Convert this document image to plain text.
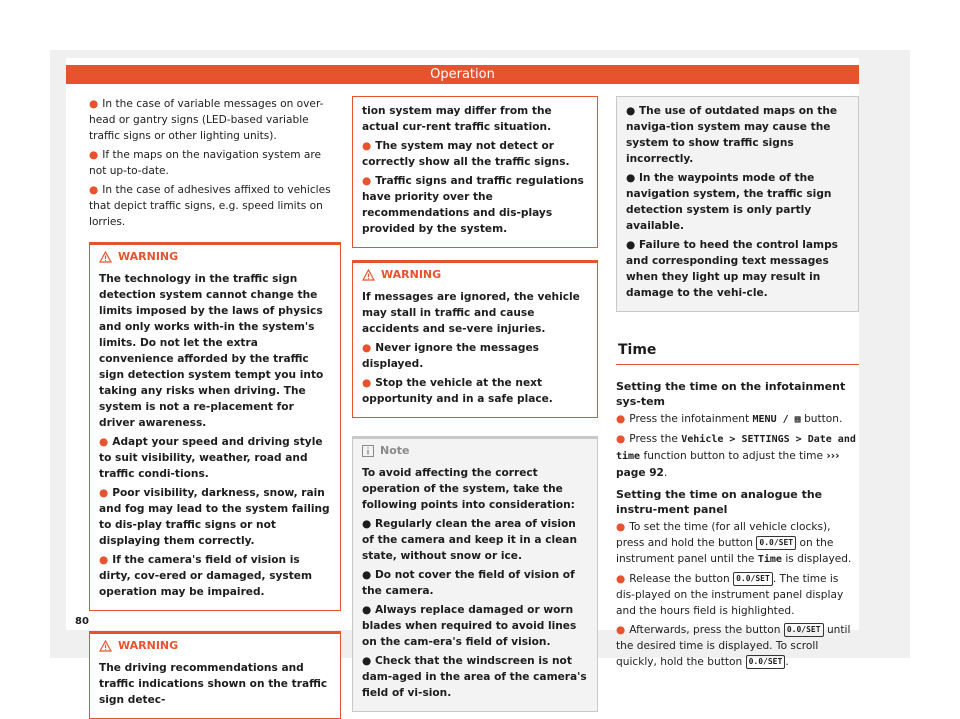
Operation
● In the case of variable messages on over-head or gantry signs (LED-based variable traffic signs or other lighting units).
● If the maps on the navigation system are not up-to-date.
● In the case of adhesives affixed to vehicles that depict traffic signs, e.g. speed limits on lorries.
WARNING

The technology in the traffic sign detection system cannot change the limits imposed by the laws of physics and only works with-in the system's limits. Do not let the extra convenience afforded by the traffic sign detection system tempt you into taking any risks when driving. The system is not a re-placement for driver awareness.

● Adapt your speed and driving style to suit visibility, weather, road and traffic condi-tions.

● Poor visibility, darkness, snow, rain and fog may lead to the system failing to dis-play traffic signs or not displaying them correctly.

● If the camera's field of vision is dirty, cov-ered or damaged, system operation may be impaired.

WARNING

The driving recommendations and traffic indications shown on the traffic sign detec-

tion system may differ from the actual cur-rent traffic situation.

● The system may not detect or correctly show all the traffic signs.

● Traffic signs and traffic regulations have priority over the recommendations and dis-plays provided by the system.

WARNING

If messages are ignored, the vehicle may stall in traffic and cause accidents and se-vere injuries.

● Never ignore the messages displayed.

● Stop the vehicle at the next opportunity and in a safe place.

Note

To avoid affecting the correct operation of the system, take the following points into consideration:

● Regularly clean the area of vision of the camera and keep it in a clean state, without snow or ice.

● Do not cover the field of vision of the camera.

● Always replace damaged or worn blades when required to avoid lines on the cam-era's field of vision.

● Check that the windscreen is not dam-aged in the area of the camera's field of vi-sion.

● The use of outdated maps on the naviga-tion system may cause the system to show traffic signs incorrectly.

● In the waypoints mode of the navigation system, the traffic sign detection system is only partly available.

● Failure to heed the control lamps and corresponding text messages when they light up may result in damage to the vehi-cle.

Time
Setting the time on the infotainment sys-tem
● Press the infotainment MENU / ▦ button.
● Press the Vehicle > SETTINGS > Date and time function button to adjust the time ››› page 92.
Setting the time on analogue the instru-ment panel
● To set the time (for all vehicle clocks), press and hold the button 0.0/SET on the instrument panel until the Time is displayed.
● Release the button 0.0/SET . The time is dis-played on the instrument panel display and the hours field is highlighted.
● Afterwards, press the button 0.0/SET until the desired time is displayed. To scroll quickly, hold the button 0.0/SET .
80
